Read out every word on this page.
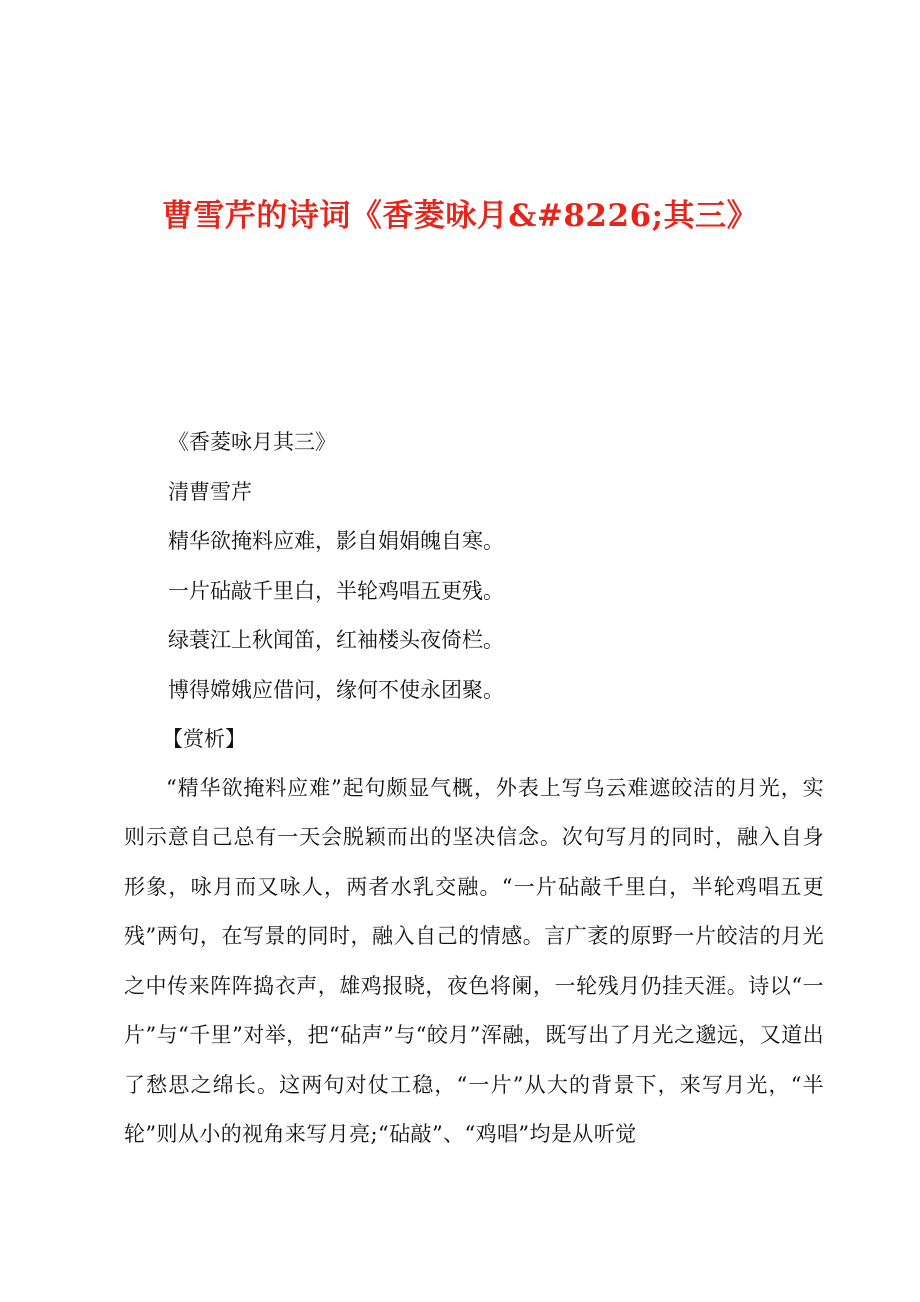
曹雪芹的诗词《香菱咏月&#8226;其三》
《香菱咏月其三》
清曹雪芹
精华欲掩料应难，影自娟娟魄自寒。
一片砧敲千里白，半轮鸡唱五更残。
绿蓑江上秋闻笛，红袖楼头夜倚栏。
博得嫦娥应借问，缘何不使永团聚。
【赏析】

“精华欲掩料应难”起句颇显气概，外表上写乌云难遮皎洁的月光，实则示意自己总有一天会脱颖而出的坚决信念。次句写月的同时，融入自身形象，咏月而又咏人，两者水乳交融。“一片砧敲千里白，半轮鸡唱五更残”两句，在写景的同时，融入自己的情感。言广袤的原野一片皎洁的月光之中传来阵阵捣衣声，雄鸡报晓，夜色将阑，一轮残月仍挂天涯。诗以“一片”与“千里”对举，把“砧声”与“皎月”浑融，既写出了月光之邈远，又道出了愁思之绵长。这两句对仗工稳，“一片”从大的背景下，来写月光，“半轮”则从小的视角来写月亮;“砧敲”、“鸡唱”均是从听觉
